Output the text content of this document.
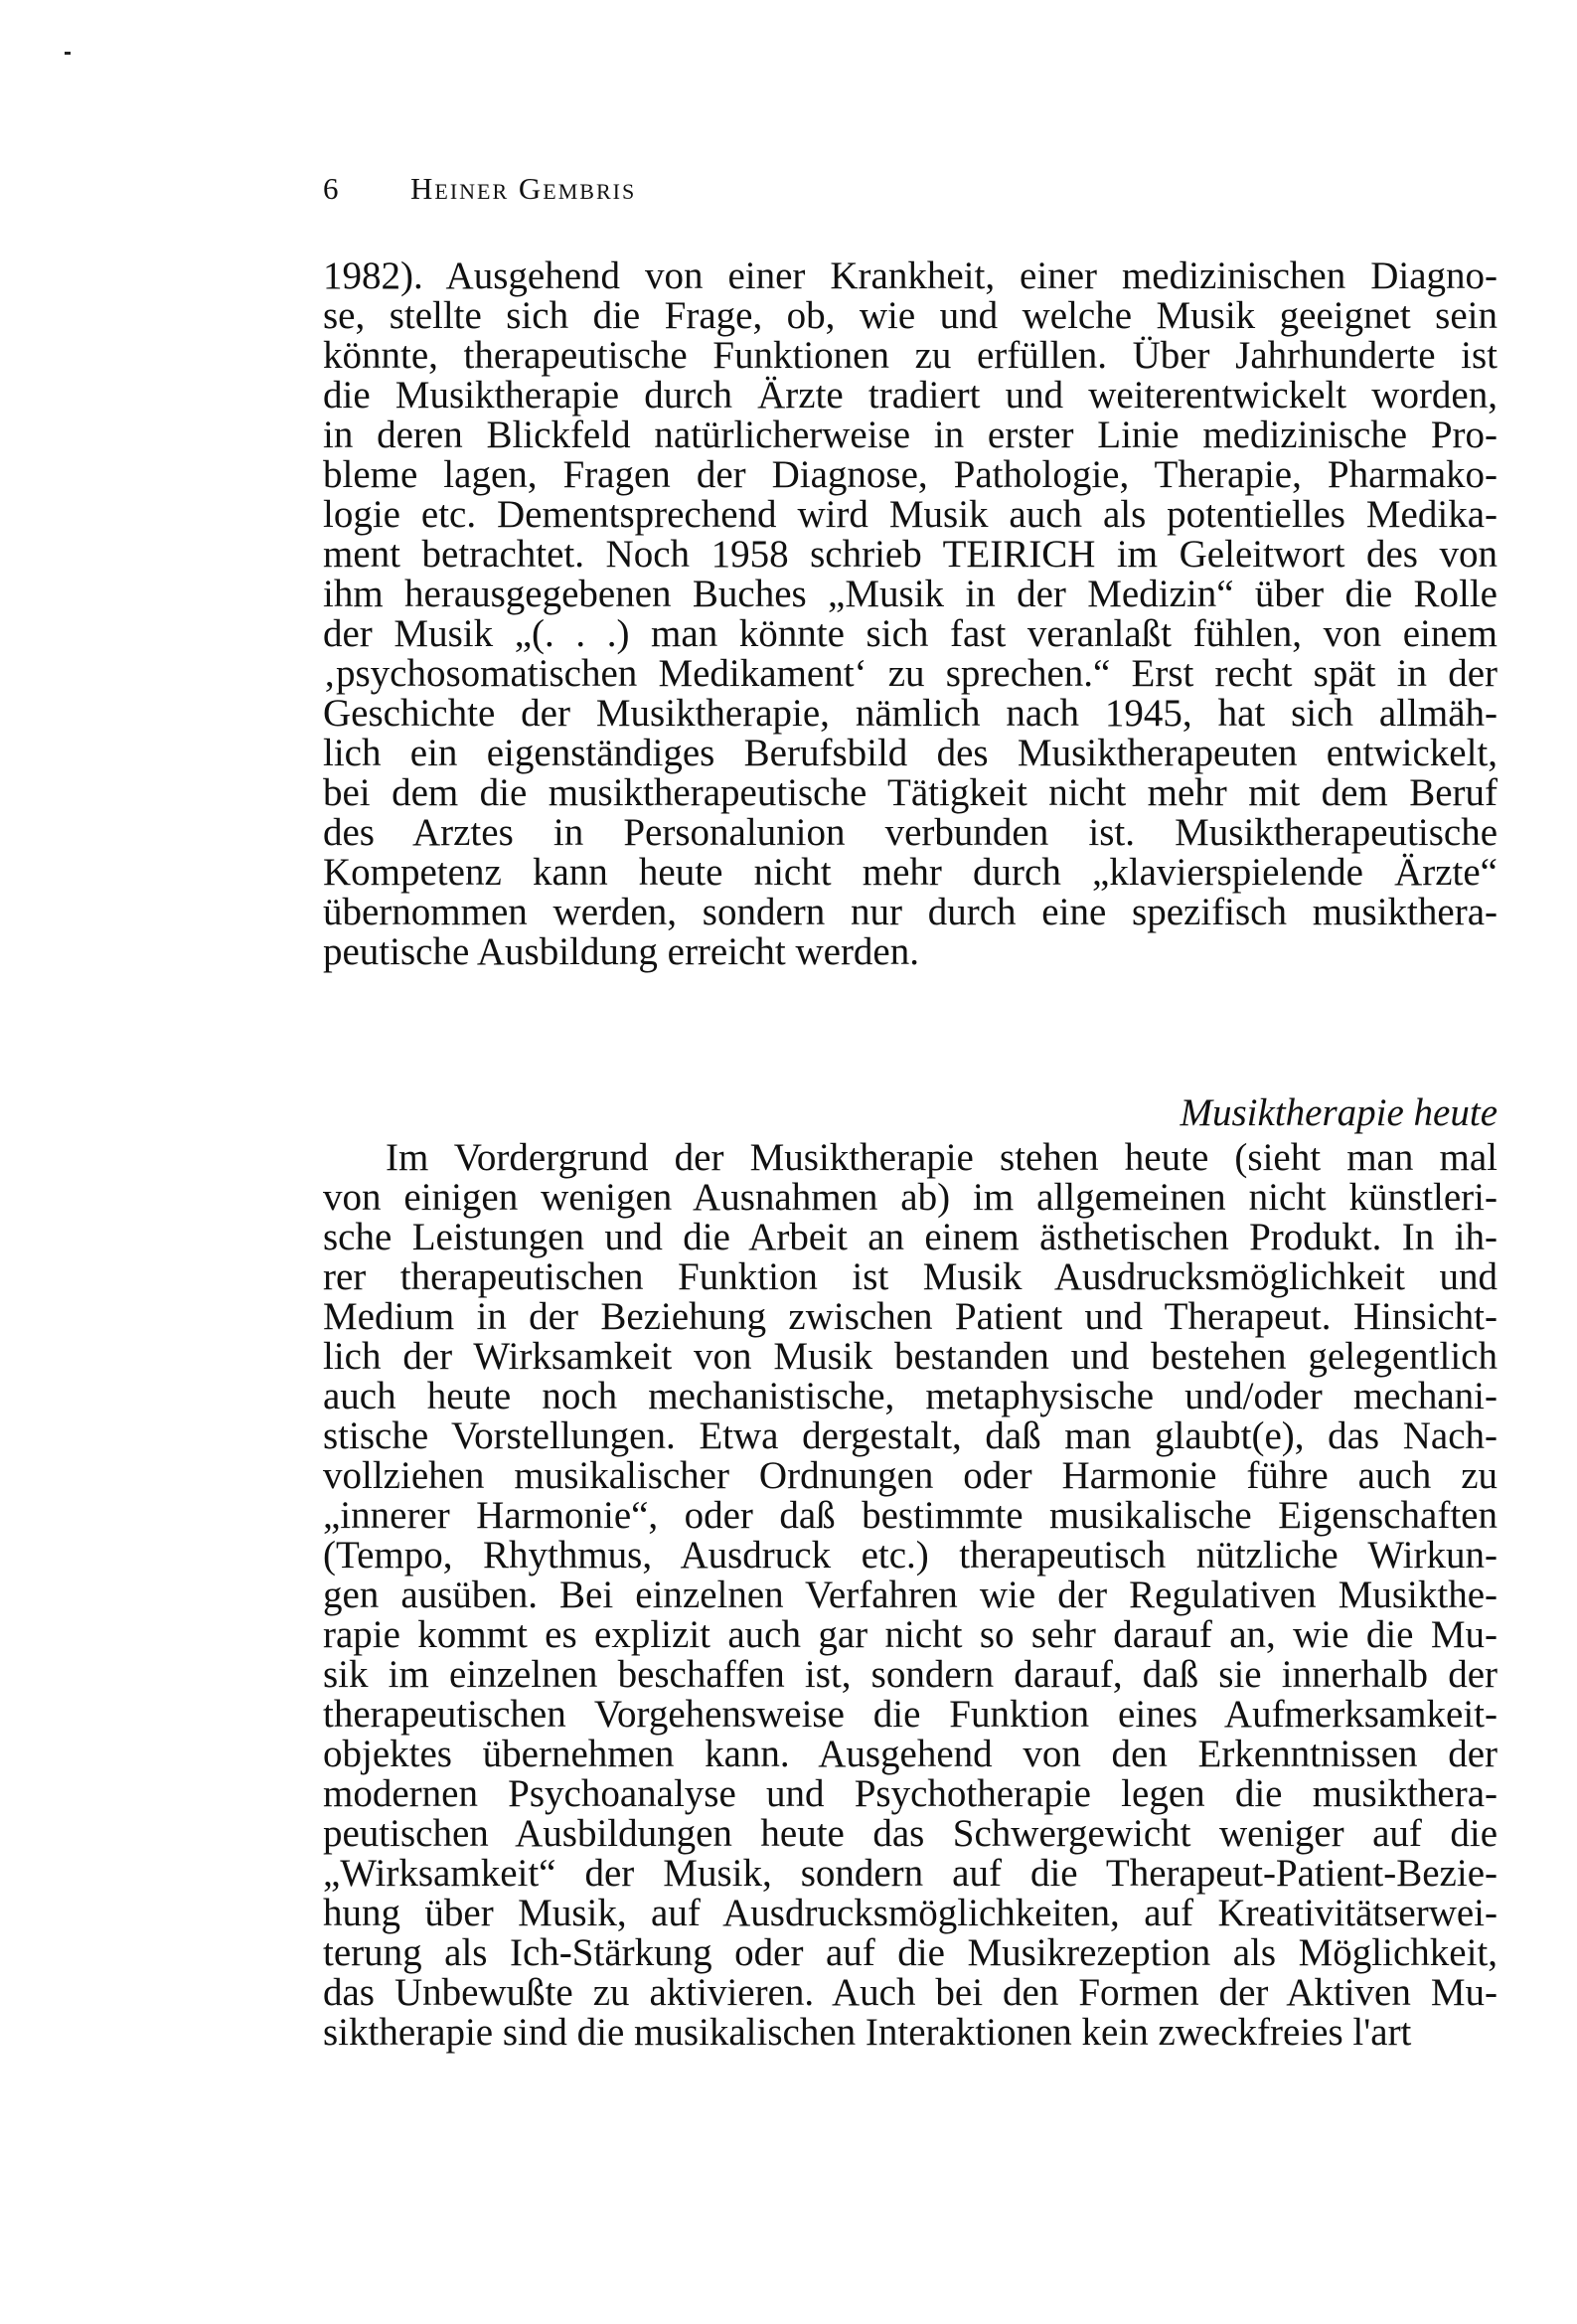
6 Heiner Gembris
1982). Ausgehend von einer Krankheit, einer medizinischen Diagno-
se, stellte sich die Frage, ob, wie und welche Musik geeignet sein
könnte, therapeutische Funktionen zu erfüllen. Über Jahrhunderte ist
die Musiktherapie durch Ärzte tradiert und weiterentwickelt worden,
in deren Blickfeld natürlicherweise in erster Linie medizinische Pro-
bleme lagen, Fragen der Diagnose, Pathologie, Therapie, Pharmako-
logie etc. Dementsprechend wird Musik auch als potentielles Medika-
ment betrachtet. Noch 1958 schrieb TEIRICH im Geleitwort des von
ihm herausgegebenen Buches „Musik in der Medizin“ über die Rolle
der Musik „(. . .) man könnte sich fast veranlaßt fühlen, von einem
‚psychosomatischen Medikament‘ zu sprechen.“ Erst recht spät in der
Geschichte der Musiktherapie, nämlich nach 1945, hat sich allmäh-
lich ein eigenständiges Berufsbild des Musiktherapeuten entwickelt,
bei dem die musiktherapeutische Tätigkeit nicht mehr mit dem Beruf
des Arztes in Personalunion verbunden ist. Musiktherapeutische
Kompetenz kann heute nicht mehr durch „klavierspielende Ärzte“
übernommen werden, sondern nur durch eine spezifisch musikthera-
peutische Ausbildung erreicht werden.
Musiktherapie heute
Im Vordergrund der Musiktherapie stehen heute (sieht man mal
von einigen wenigen Ausnahmen ab) im allgemeinen nicht künstleri-
sche Leistungen und die Arbeit an einem ästhetischen Produkt. In ih-
rer therapeutischen Funktion ist Musik Ausdrucksmöglichkeit und
Medium in der Beziehung zwischen Patient und Therapeut. Hinsicht-
lich der Wirksamkeit von Musik bestanden und bestehen gelegentlich
auch heute noch mechanistische, metaphysische und/oder mechani-
stische Vorstellungen. Etwa dergestalt, daß man glaubt(e), das Nach-
vollziehen musikalischer Ordnungen oder Harmonie führe auch zu
„innerer Harmonie“, oder daß bestimmte musikalische Eigenschaften
(Tempo, Rhythmus, Ausdruck etc.) therapeutisch nützliche Wirkun-
gen ausüben. Bei einzelnen Verfahren wie der Regulativen Musikthe-
rapie kommt es explizit auch gar nicht so sehr darauf an, wie die Mu-
sik im einzelnen beschaffen ist, sondern darauf, daß sie innerhalb der
therapeutischen Vorgehensweise die Funktion eines Aufmerksamkeit-
objektes übernehmen kann. Ausgehend von den Erkenntnissen der
modernen Psychoanalyse und Psychotherapie legen die musikthera-
peutischen Ausbildungen heute das Schwergewicht weniger auf die
„Wirksamkeit“ der Musik, sondern auf die Therapeut-Patient-Bezie-
hung über Musik, auf Ausdrucksmöglichkeiten, auf Kreativitätserwei-
terung als Ich-Stärkung oder auf die Musikrezeption als Möglichkeit,
das Unbewußte zu aktivieren. Auch bei den Formen der Aktiven Mu-
siktherapie sind die musikalischen Interaktionen kein zweckfreies l'art
